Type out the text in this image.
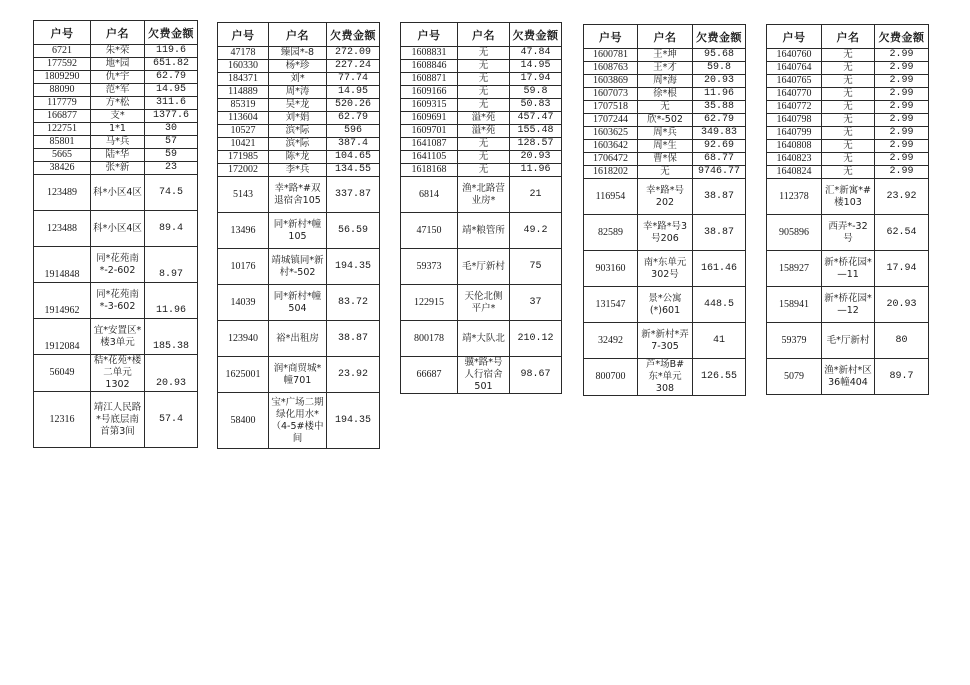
户号	户名	欠费金额
6721	朱*荣	119.6
177592	地*园	651.82
1809290	仇*宇	62.79
88090	范*军	14.95
117779	方*松	311.6
166877	支*	1377.6
122751	1*1	30
85801	马*兵	57
5665	陆*华	59
38426	张*新	23
123489	科*小区4区	74.5
123488	科*小区4区	89.4
1914848	同*花苑南*-2-602	8.97
1914962	同*花苑南*-3-602	11.96
1912084	宜*安置区*楼3单元	185.38
56049	秸*花苑*楼二单元1302	20.93
12316	靖江人民路*号底层南首第3间	57.4
户号	户名	欠费金额
47178	臻园*-8	272.09
160330	杨*珍	227.24
184371	刘*	77.74
114889	周*涛	14.95
85319	吴*龙	520.26
113604	刘*娟	62.79
10527	滨*际	596
10421	滨*际	387.4
171985	陈*龙	104.65
172002	李*兵	134.55
5143	幸*路*#双退宿舍105	337.87
13496	同*新村*幢105	56.59
10176	靖城镇同*新村*-502	194.35
14039	同*新村*幢504	83.72
123940	裕*出租房	38.87
1625001	润*商贸城*幢701	23.92
58400	宝*广场二期绿化用水*（4-5#楼中间	194.35
户号	户名	欠费金额
1608831	无	47.84
1608846	无	14.95
1608871	无	17.94
1609166	无	59.8
1609315	无	50.83
1609691	溢*苑	457.47
1609701	溢*苑	155.48
1641087	无	128.57
1641105	无	20.93
1618168	无	11.96
6814	渔*北路营业房*	21
47150	靖*粮管所	49.2
59373	毛*厅新村	75
122915	天伦北侧平户*	37
800178	靖*大队北	210.12
66687	骥*路*号人行宿舍501	98.67
户号	户名	欠费金额
1600781	王*坤	95.68
1608763	王*才	59.8
1603869	周*海	20.93
1607073	徐*根	11.96
1707518	无	35.88
1707244	欣*-502	62.79
1603625	周*兵	349.83
1603642	周*生	92.69
1706472	曹*保	68.77
1618202	无	9746.77
116954	幸*路*号202	38.87
82589	幸*路*号3号206	38.87
903160	南*东单元302号	161.46
131547	景*公寓(*)601	448.5
32492	新*新村*弄7-305	41
800700	芦*场B# 东*单元308	126.55
户号	户名	欠费金额
1640760	无	2.99
1640764	无	2.99
1640765	无	2.99
1640770	无	2.99
1640772	无	2.99
1640798	无	2.99
1640799	无	2.99
1640808	无	2.99
1640823	无	2.99
1640824	无	2.99
112378	汇*新寓*#楼103	23.92
905896	西弄*-32号	62.54
158927	新*桥花园*—11	17.94
158941	新*桥花园*—12	20.93
59379	毛*厅新村	80
5079	渔*新村*区36幢404	89.7
